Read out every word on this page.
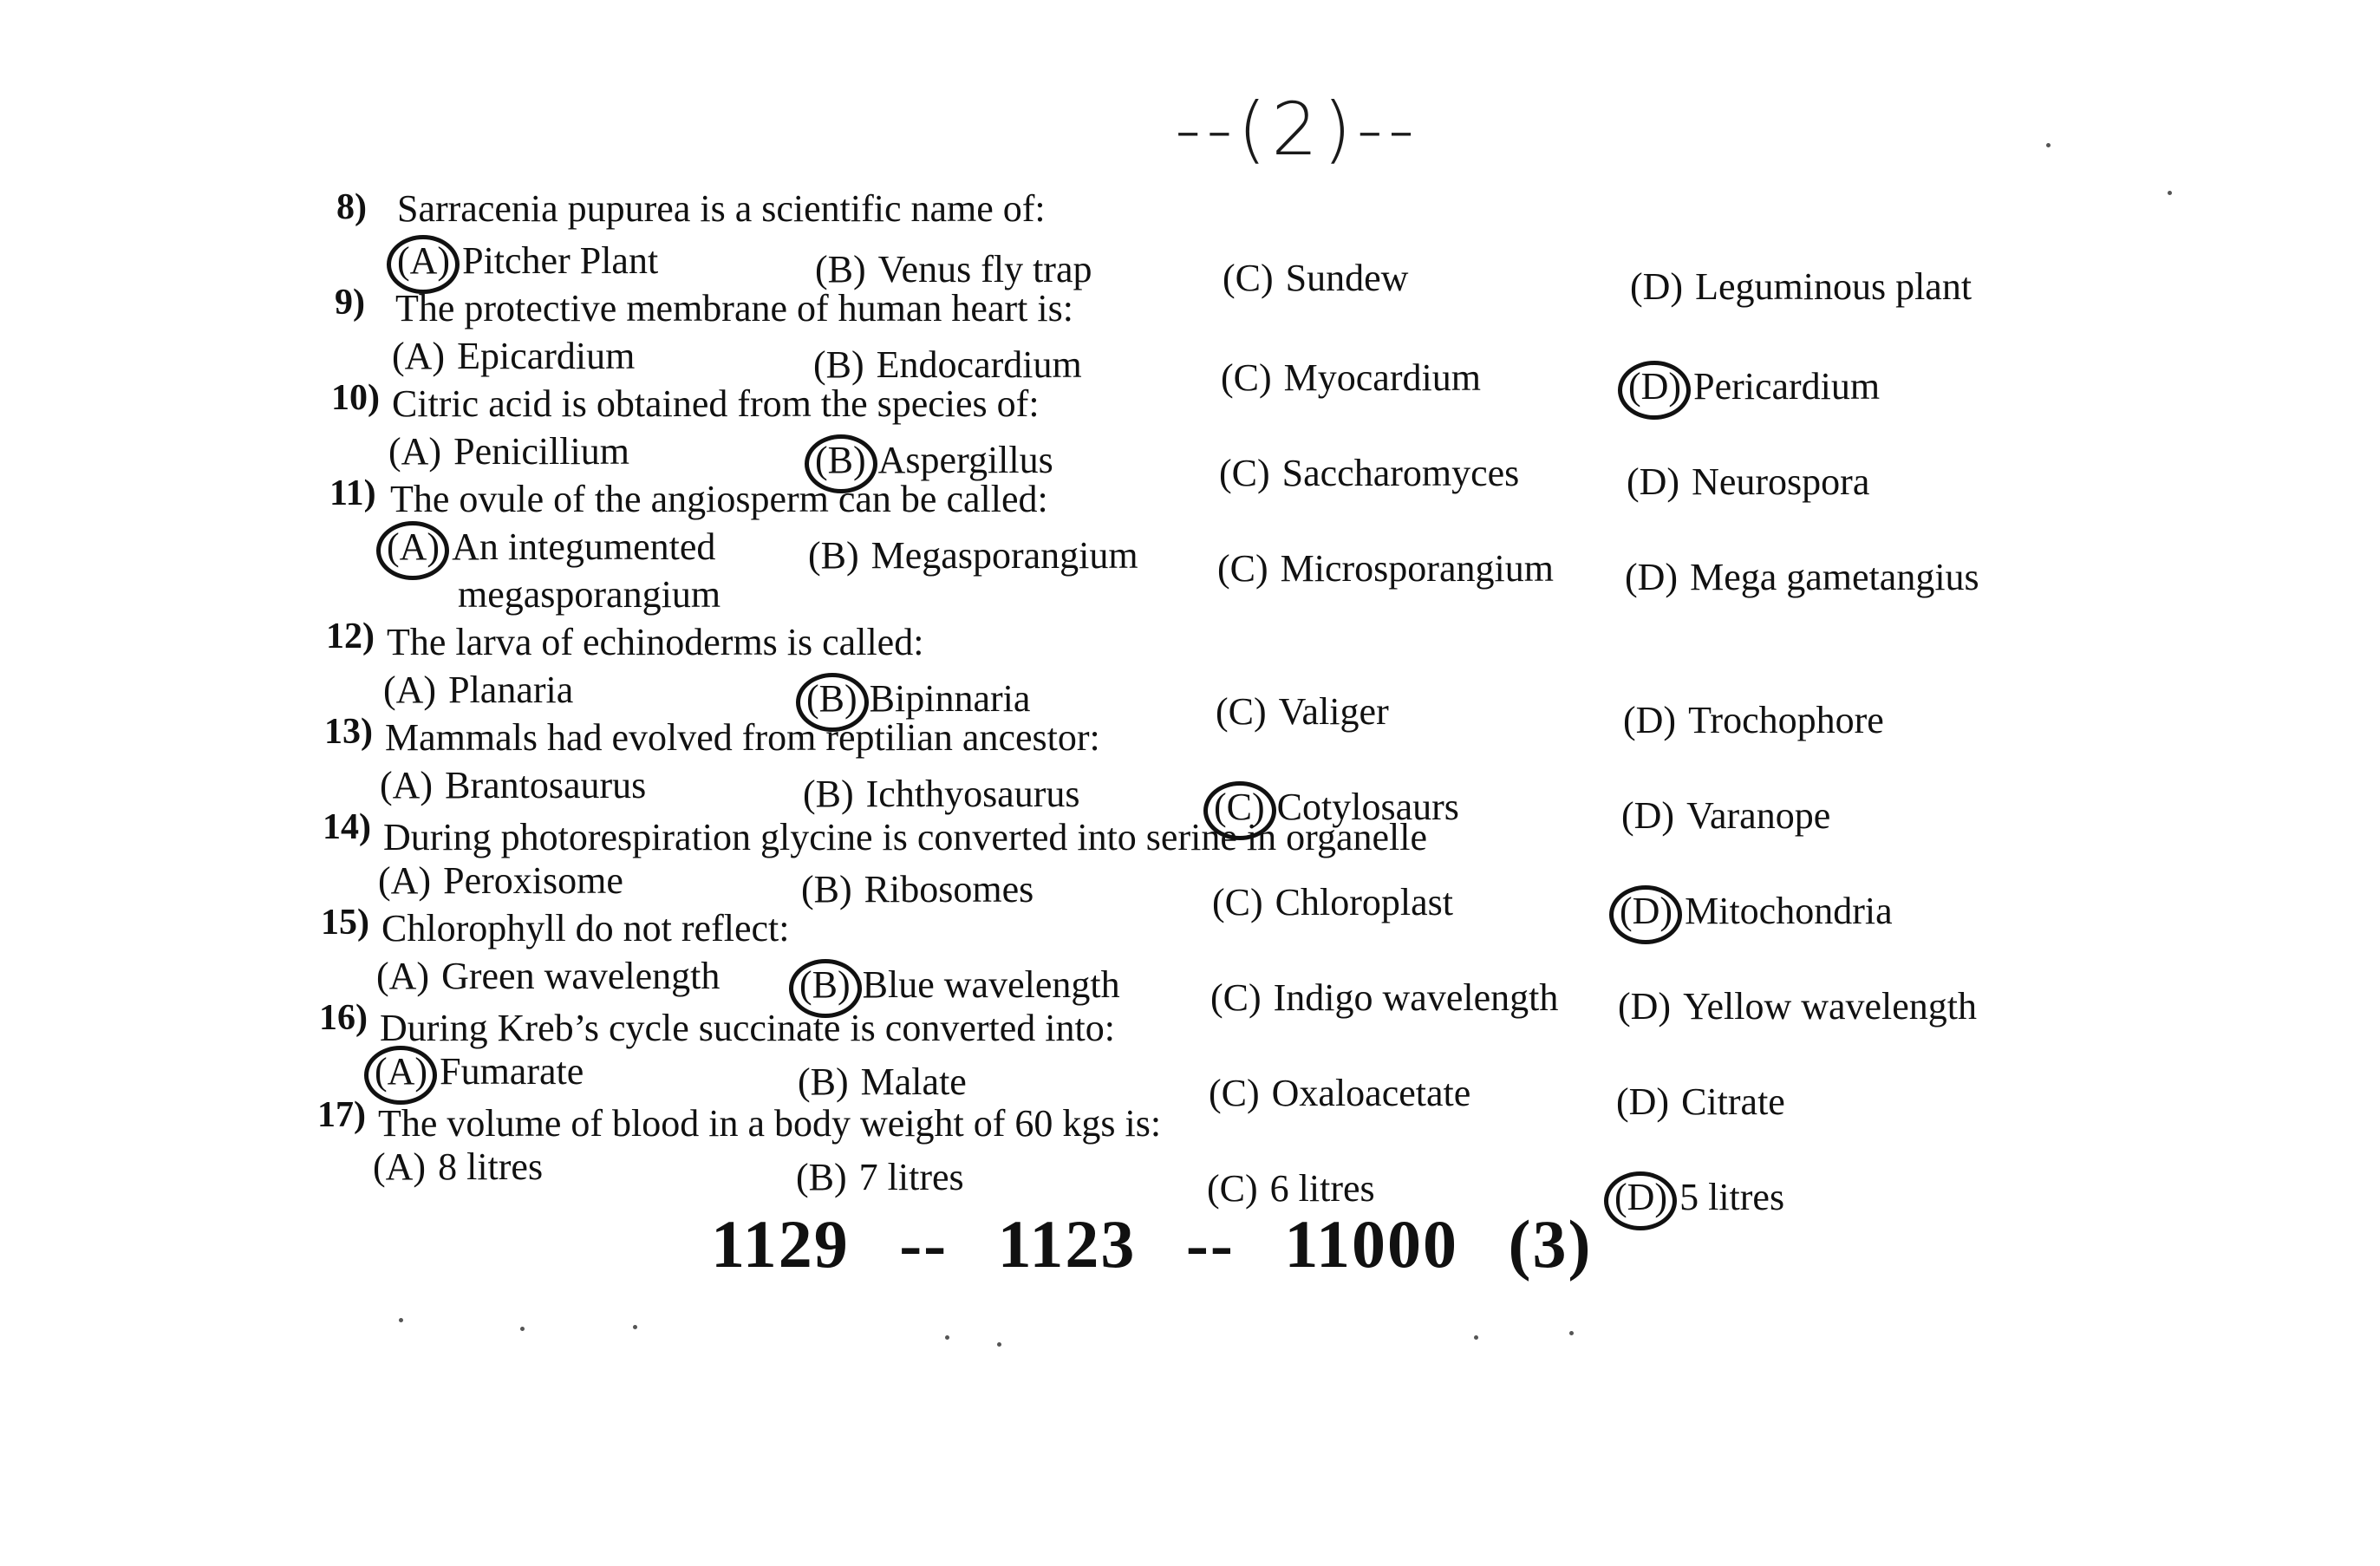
--(2)--
8) Sarracenia pupurea is a scientific name of:
(A) Pitcher Plant	(B) Venus fly trap	(C) Sundew	(D) Leguminous plant
9) The protective membrane of human heart is:
(A) Epicardium	(B) Endocardium	(C) Myocardium	(D) Pericardium
10) Citric acid is obtained from the species of:
(A) Penicillium	(B) Aspergillus	(C) Saccharomyces	(D) Neurospora
11) The ovule of the angiosperm can be called:
(A) An integumented
megasporangium
(B) Megasporangium (C) Microsporangium (D) Mega gametangius
12) The larva of echinoderms is called:
(A) Planaria	(B) Bipinnaria	(C) Valiger	(D) Trochophore
13) Mammals had evolved from reptilian ancestor:
(A) Brantosaurus	(B) Ichthyosaurus	(C) Cotylosaurs	(D) Varanope
14) During photorespiration glycine is converted into serine in organelle
(A) Peroxisome	(B) Ribosomes	(C) Chloroplast	(D) Mitochondria
15) Chlorophyll do not reflect:
(A) Green wavelength (B) Blue wavelength (C) Indigo wavelength (D) Yellow wavelength
16) During Kreb’s cycle succinate is converted into:
(A) Fumarate	(B) Malate	(C) Oxaloacetate	(D) Citrate
17) The volume of blood in a body weight of 60 kgs is:
(A) 8 litres	(B) 7 litres	(C) 6 litres	(D) 5 litres
1129 -- 1123 -- 11000 (3)
